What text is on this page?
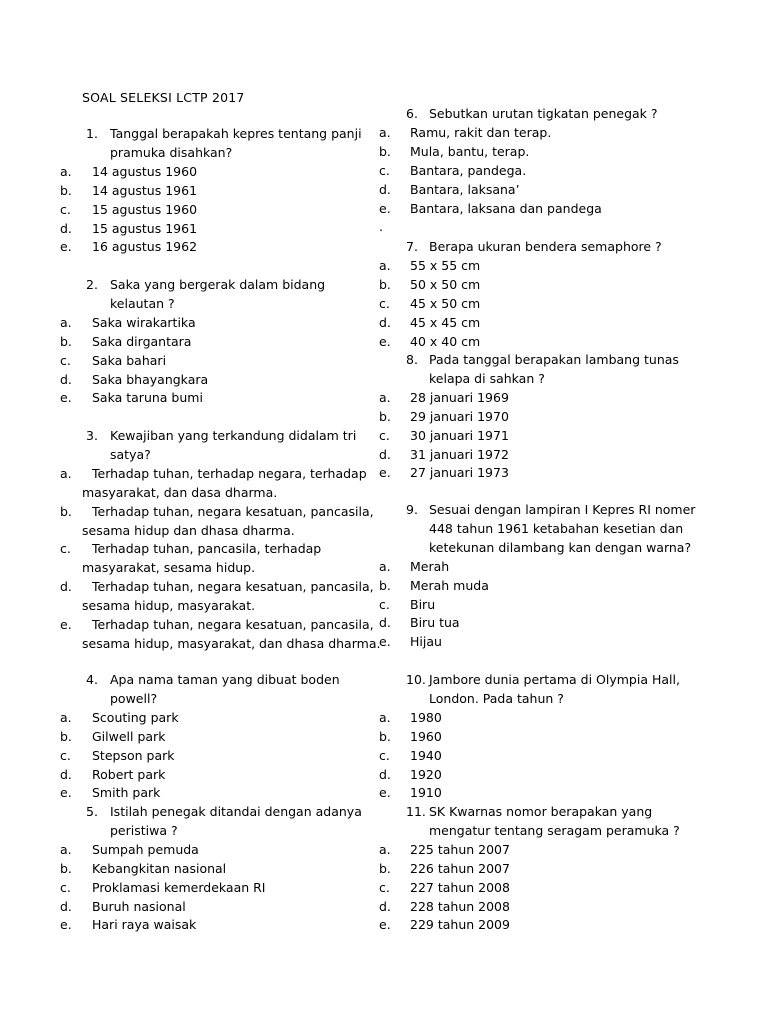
SOAL SELEKSI LCTP 2017
1. Tanggal berapakah kepres tentang panji
pramuka disahkan?
a. 14 agustus 1960
b. 14 agustus 1961
c. 15 agustus 1960
d. 15 agustus 1961
e. 16 agustus 1962
2. Saka yang bergerak dalam bidang
kelautan ?
a. Saka wirakartika
b. Saka dirgantara
c. Saka bahari
d. Saka bhayangkara
e. Saka taruna bumi
3. Kewajiban yang terkandung didalam tri
satya?
a. Terhadap tuhan, terhadap negara, terhadap
masyarakat, dan dasa dharma.
b. Terhadap tuhan, negara kesatuan, pancasila,
sesama hidup dan dhasa dharma.
c. Terhadap tuhan, pancasila, terhadap
masyarakat, sesama hidup.
d. Terhadap tuhan, negara kesatuan, pancasila,
sesama hidup, masyarakat.
e. Terhadap tuhan, negara kesatuan, pancasila,
sesama hidup, masyarakat, dan dhasa dharma.
4. Apa nama taman yang dibuat boden
powell?
a. Scouting park
b. Gilwell park
c. Stepson park
d. Robert park
e. Smith park
5. Istilah penegak ditandai dengan adanya
peristiwa ?
a. Sumpah pemuda
b. Kebangkitan nasional
c. Proklamasi kemerdekaan RI
d. Buruh nasional
e. Hari raya waisak
6. Sebutkan urutan tigkatan penegak ?
a. Ramu, rakit dan terap.
b. Mula, bantu, terap.
c. Bantara, pandega.
d. Bantara, laksana’
e. Bantara, laksana dan pandega
.
7. Berapa ukuran bendera semaphore ?
a. 55 x 55 cm
b. 50 x 50 cm
c. 45 x 50 cm
d. 45 x 45 cm
e. 40 x 40 cm
8. Pada tanggal berapakan lambang tunas
kelapa di sahkan ?
a. 28 januari 1969
b. 29 januari 1970
c. 30 januari 1971
d. 31 januari 1972
e. 27 januari 1973
9. Sesuai dengan lampiran I Kepres RI nomer
448 tahun 1961 ketabahan kesetian dan
ketekunan dilambang kan dengan warna?
a. Merah
b. Merah muda
c. Biru
d. Biru tua
e. Hijau
10. Jambore dunia pertama di Olympia Hall,
London. Pada tahun ?
a. 1980
b. 1960
c. 1940
d. 1920
e. 1910
11. SK Kwarnas nomor berapakan yang
mengatur tentang seragam peramuka ?
a. 225 tahun 2007
b. 226 tahun 2007
c. 227 tahun 2008
d. 228 tahun 2008
e. 229 tahun 2009
